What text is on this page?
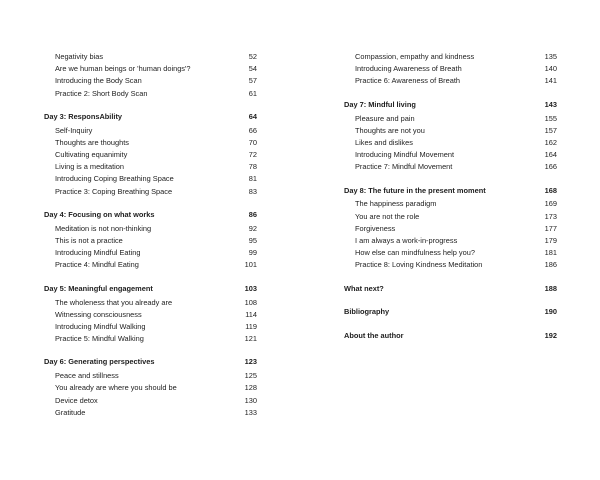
Negativity bias	52
Are we human beings or 'human doings'?	54
Introducing the Body Scan	57
Practice 2: Short Body Scan	61
Day 3: ResponsAbility	64
Self-Inquiry	66
Thoughts are thoughts	70
Cultivating equanimity	72
Living is a meditation	78
Introducing Coping Breathing Space	81
Practice 3: Coping Breathing Space	83
Day 4: Focusing on what works	86
Meditation is not non-thinking	92
This is not a practice	95
Introducing Mindful Eating	99
Practice 4: Mindful Eating	101
Day 5: Meaningful engagement	103
The wholeness that you already are	108
Witnessing consciousness	114
Introducing Mindful Walking	119
Practice 5: Mindful Walking	121
Day 6: Generating perspectives	123
Peace and stillness	125
You already are where you should be	128
Device detox	130
Gratitude	133
Compassion, empathy and kindness	135
Introducing Awareness of Breath	140
Practice 6: Awareness of Breath	141
Day 7: Mindful living	143
Pleasure and pain	155
Thoughts are not you	157
Likes and dislikes	162
Introducing Mindful Movement	164
Practice 7: Mindful Movement	166
Day 8: The future in the present moment	168
The happiness paradigm	169
You are not the role	173
Forgiveness	177
I am always a work-in-progress	179
How else can mindfulness help you?	181
Practice 8: Loving Kindness Meditation	186
What next?	188
Bibliography	190
About the author	192
